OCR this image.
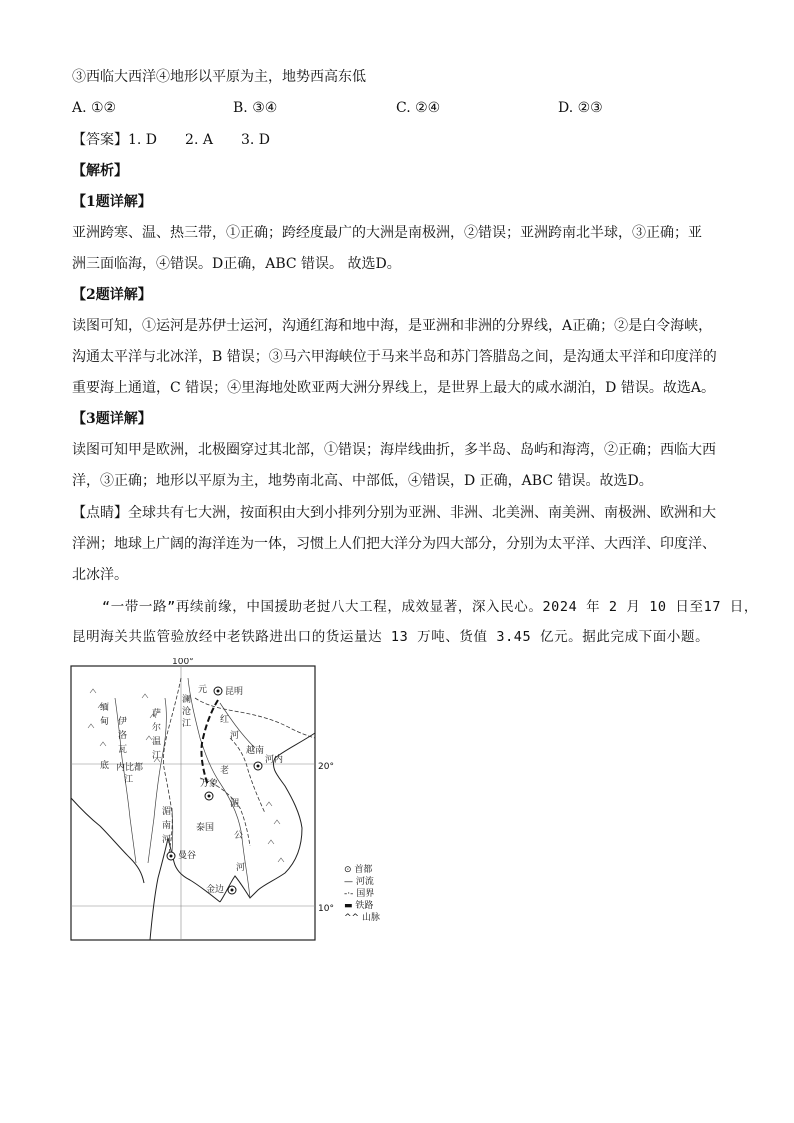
③西临大西洋④地形以平原为主，地势西高东低
A. ①②	B. ③④	C. ②④	D. ②③
【答案】1. D　　2. A　　3. D
【解析】
【1题详解】
亚洲跨寒、温、热三带，①正确；跨经度最广的大洲是南极洲，②错误；亚洲跨南北半球，③正确；亚
洲三面临海，④错误。D正确，ABC 错误。 故选D。
【2题详解】
读图可知，①运河是苏伊士运河，沟通红海和地中海，是亚洲和非洲的分界线，A正确；②是白令海峡，
沟通太平洋与北冰洋，B 错误；③马六甲海峡位于马来半岛和苏门答腊岛之间，是沟通太平洋和印度洋的
重要海上通道，C 错误；④里海地处欧亚两大洲分界线上，是世界上最大的咸水湖泊，D 错误。故选A。
【3题详解】
读图可知甲是欧洲，北极圈穿过其北部，①错误；海岸线曲折，多半岛、岛屿和海湾，②正确；西临大西
洋，③正确；地形以平原为主，地势南北高、中部低，④错误，D 正确，ABC 错误。故选D。
【点睛】全球共有七大洲，按面积由大到小排列分别为亚洲、非洲、北美洲、南美洲、南极洲、欧洲和大
洋洲；地球上广阔的海洋连为一体，习惯上人们把大洋分为四大部分，分别为太平洋、大西洋、印度洋、
北冰洋。
“一带一路”再续前缘，中国援助老挝八大工程，成效显著，深入民心。2024 年 2 月 10 日至17 日，
昆明海关共监管验放经中老铁路进出口的货运量达 13 万吨、货值 3.45 亿元。据此完成下面小题。
100°
昆明
河内
万象
曼谷
金边
越南
泰国
老
元
缅
甸 伊
洛
瓦
底
江
萨
尔
温
江
内比都
湄
南
河
湄
公
河
红
河
澜
沧
江
20°
10°
⊙ 首都
— 河流
-·- 国界
▬ 铁路
^^ 山脉
